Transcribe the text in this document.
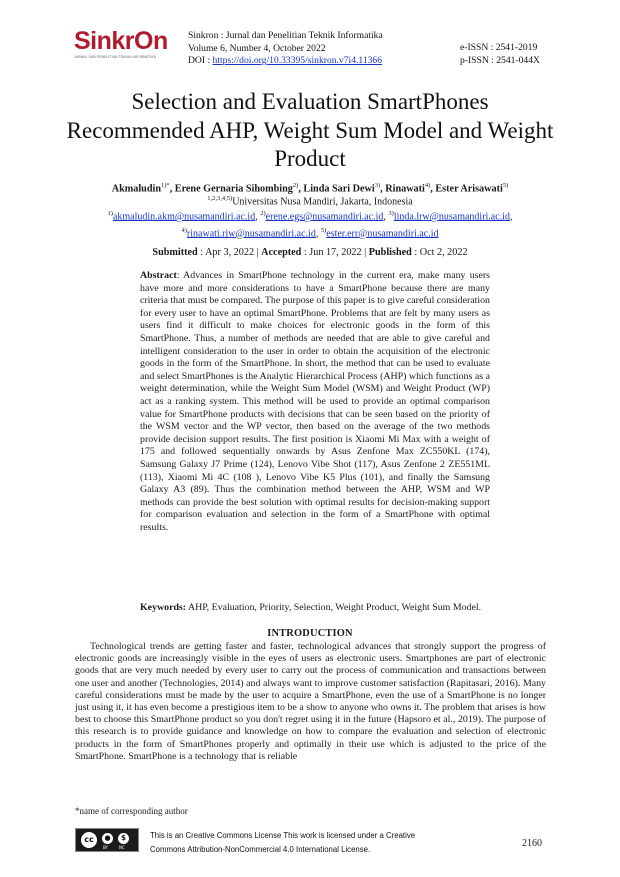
SinkrOn
JURNAL DAN PENELITIAN TEKNIK INFORMATIKA
Sinkron : Jurnal dan Penelitian Teknik Informatika
Volume 6, Number 4, October 2022
DOI : https://doi.org/10.33395/sinkron.v7i4.11366
e-ISSN : 2541-2019
p-ISSN : 2541-044X
Selection and Evaluation SmartPhones Recommended AHP, Weight Sum Model and Weight Product
Akmaludin$^{1)*}$, Erene Gernaria Sihombing$^{2)}$, Linda Sari Dewi$^{3)}$, Rinawati$^{4)}$, Ester Arisawati$^{5)}$
$^{1,2,3,4,5)}$Universitas Nusa Mandiri, Jakarta, Indonesia
$^{1)}$akmaludin.akm@nusamandiri.ac.id, $^{2)}$erene.egs@nusamandiri.ac.id, $^{3)}$linda.lrw@nusamandiri.ac.id, $^{4)}$rinawati.riw@nusamandiri.ac.id, $^{5)}$ester.err@nusamandiri.ac.id
Submitted : Apr 3, 2022 | Accepted : Jun 17, 2022 | Published : Oct 2, 2022
Abstract: Advances in SmartPhone technology in the current era, make many users have more and more considerations to have a SmartPhone because there are many criteria that must be compared. The purpose of this paper is to give careful consideration for every user to have an optimal SmartPhone. Problems that are felt by many users as users find it difficult to make choices for electronic goods in the form of this SmartPhone. Thus, a number of methods are needed that are able to give careful and intelligent consideration to the user in order to obtain the acquisition of the electronic goods in the form of the SmartPhone. In short, the method that can be used to evaluate and select SmartPhones is the Analytic Hierarchical Process (AHP) which functions as a weight determination, while the Weight Sum Model (WSM) and Weight Product (WP) act as a ranking system. This method will be used to provide an optimal comparison value for SmartPhone products with decisions that can be seen based on the priority of the WSM vector and the WP vector, then based on the average of the two methods provide decision support results. The first position is Xiaomi Mi Max with a weight of 175 and followed sequentially onwards by Asus Zenfone Max ZC550KL (174), Samsung Galaxy J7 Prime (124), Lenovo Vibe Shot (117), Asus Zenfone 2 ZE551ML (113), Xiaomi Mi 4C (108 ), Lenovo Vibe K5 Plus (101), and finally the Samsung Galaxy A3 (89). Thus the combination method between the AHP, WSM and WP methods can provide the best solution with optimal results for decision-making support for comparison evaluation and selection in the form of a SmartPhone with optimal results.
Keywords: AHP, Evaluation, Priority, Selection, Weight Product, Weight Sum Model.
INTRODUCTION
Technological trends are getting faster and faster, technological advances that strongly support the progress of electronic goods are increasingly visible in the eyes of users as electronic users. Smartphones are part of electronic goods that are very much needed by every user to carry out the process of communication and transactions between one user and another (Technologies, 2014) and always want to improve customer satisfaction (Rapitasari, 2016). Many careful considerations must be made by the user to acquire a SmartPhone, even the use of a SmartPhone is no longer just using it, it has even become a prestigious item to be a show to anyone who owns it. The problem that arises is how best to choose this SmartPhone product so you don't regret using it in the future (Hapsoro et al., 2019). The purpose of this research is to provide guidance and knowledge on how to compare the evaluation and selection of electronic products in the form of SmartPhones properly and optimally in their use which is adjusted to the price of the SmartPhone. SmartPhone is a technology that is reliable
*name of corresponding author
cc	●	$
BY	NC
This is an Creative Commons License This work is licensed under a Creative
Commons Attribution-NonCommercial 4.0 International License.
2160
